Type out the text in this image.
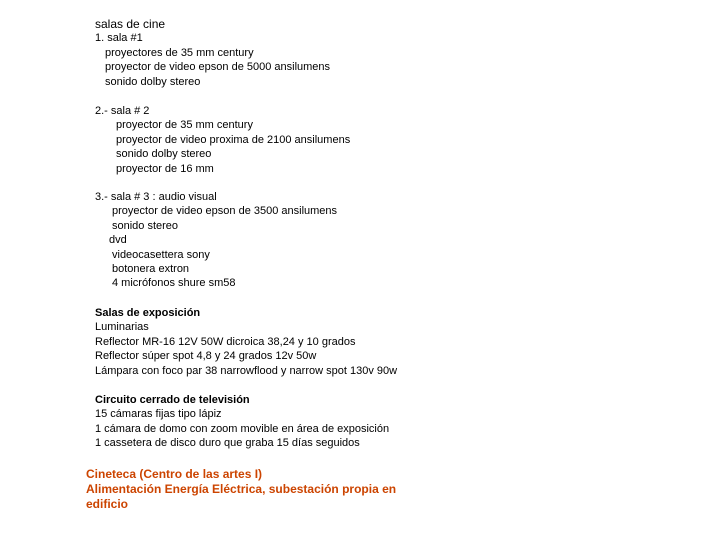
salas de cine
1. sala #1
proyectores de 35 mm century
proyector de video epson de 5000 ansilumens
sonido dolby stereo
2.- sala # 2
proyector de 35 mm century
proyector de video proxima de 2100 ansilumens
sonido dolby stereo
proyector de 16 mm
3.- sala # 3 : audio visual
proyector de video epson de 3500 ansilumens
sonido stereo
dvd
videocasettera sony
botonera extron
4 micrófonos shure sm58
Salas de exposición
Luminarias
Reflector MR-16 12V 50W dicroica 38,24 y 10 grados
Reflector súper spot 4,8 y 24 grados 12v 50w
Lámpara con foco par 38 narrowflood y narrow spot 130v 90w
Circuito cerrado de televisión
15 cámaras fijas tipo lápiz
1 cámara de domo con zoom movible en área de exposición
1 cassetera de disco duro que graba 15 días seguidos
Cineteca (Centro de las artes I)
Alimentación Energía Eléctrica, subestación propia en
edificio
